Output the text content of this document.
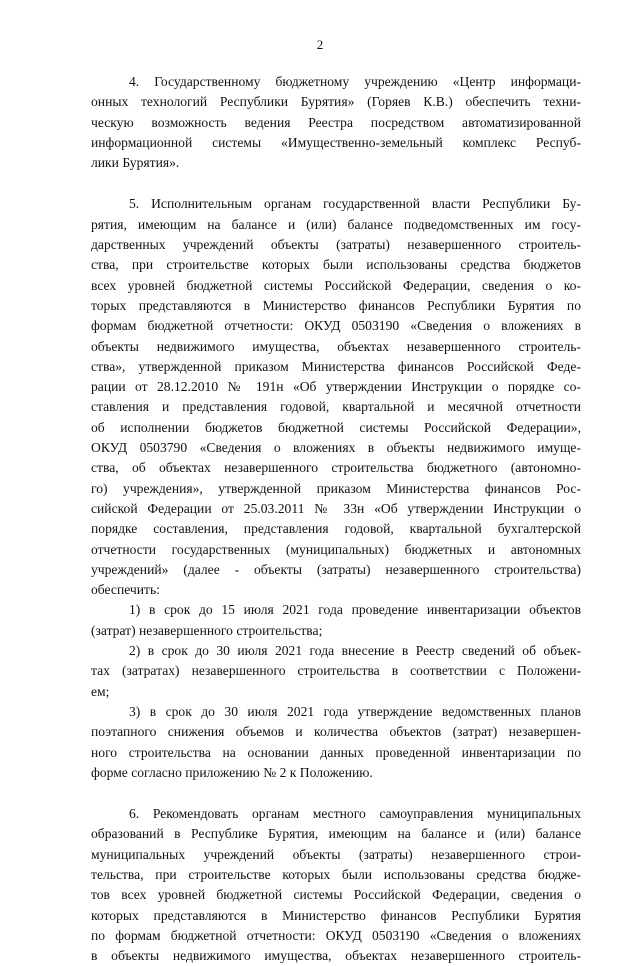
2

4. Государственному бюджетному учреждению «Центр информаци-
онных технологий Республики Бурятия» (Горяев К.В.) обеспечить техни-
ческую возможность ведения Реестра посредством автоматизированной
информационной системы «Имущественно-земельный комплекс Респуб-
лики Бурятия».

5. Исполнительным органам государственной власти Республики Бу-
рятия, имеющим на балансе и (или) балансе подведомственных им госу-
дарственных учреждений объекты (затраты) незавершенного строитель-
ства, при строительстве которых были использованы средства бюджетов
всех уровней бюджетной системы Российской Федерации, сведения о ко-
торых представляются в Министерство финансов Республики Бурятия по
формам бюджетной отчетности: ОКУД 0503190 «Сведения о вложениях в
объекты недвижимого имущества, объектах незавершенного строитель-
ства», утвержденной приказом Министерства финансов Российской Феде-
рации от 28.12.2010 № 191н «Об утверждении Инструкции о порядке со-
ставления и представления годовой, квартальной и месячной отчетности
об исполнении бюджетов бюджетной системы Российской Федерации»,
ОКУД 0503790 «Сведения о вложениях в объекты недвижимого имуще-
ства, об объектах незавершенного строительства бюджетного (автономно-
го) учреждения», утвержденной приказом Министерства финансов Рос-
сийской Федерации от 25.03.2011 № 33н «Об утверждении Инструкции о
порядке составления, представления годовой, квартальной бухгалтерской
отчетности государственных (муниципальных) бюджетных и автономных
учреждений» (далее - объекты (затраты) незавершенного строительства)
обеспечить:

1) в срок до 15 июля 2021 года проведение инвентаризации объектов
(затрат) незавершенного строительства;

2) в срок до 30 июля 2021 года внесение в Реестр сведений об объек-
тах (затратах) незавершенного строительства в соответствии с Положени-
ем;

3) в срок до 30 июля 2021 года утверждение ведомственных планов
поэтапного снижения объемов и количества объектов (затрат) незавершен-
ного строительства на основании данных проведенной инвентаризации по
форме согласно приложению № 2 к Положению.

6. Рекомендовать органам местного самоуправления муниципальных
образований в Республике Бурятия, имеющим на балансе и (или) балансе
муниципальных учреждений объекты (затраты) незавершенного строи-
тельства, при строительстве которых были использованы средства бюдже-
тов всех уровней бюджетной системы Российской Федерации, сведения о
которых представляются в Министерство финансов Республики Бурятия
по формам бюджетной отчетности: ОКУД 0503190 «Сведения о вложениях
в объекты недвижимого имущества, объектах незавершенного строитель-
